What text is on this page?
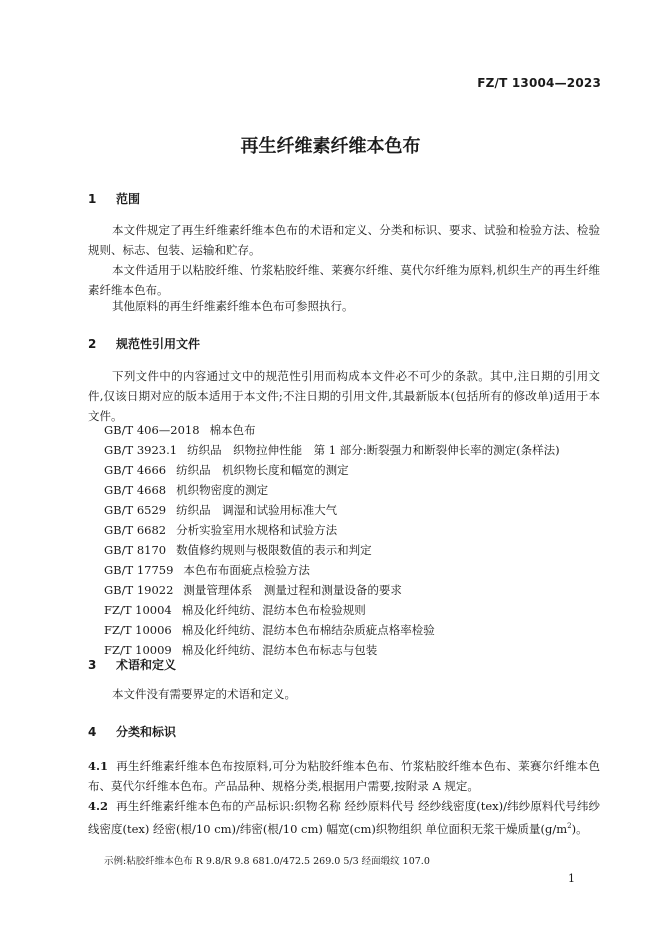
FZ/T 13004—2023
再生纤维素纤维本色布
1 范围
本文件规定了再生纤维素纤维本色布的术语和定义、分类和标识、要求、试验和检验方法、检验规则、标志、包装、运输和贮存。
本文件适用于以粘胶纤维、竹浆粘胶纤维、莱赛尔纤维、莫代尔纤维为原料,机织生产的再生纤维素纤维本色布。
其他原料的再生纤维素纤维本色布可参照执行。
2 规范性引用文件
下列文件中的内容通过文中的规范性引用而构成本文件必不可少的条款。其中,注日期的引用文件,仅该日期对应的版本适用于本文件;不注日期的引用文件,其最新版本(包括所有的修改单)适用于本文件。
GB/T 406—2018 棉本色布
GB/T 3923.1 纺织品　织物拉伸性能　第 1 部分:断裂强力和断裂伸长率的测定(条样法)
GB/T 4666 纺织品　机织物长度和幅宽的测定
GB/T 4668 机织物密度的测定
GB/T 6529 纺织品　调湿和试验用标准大气
GB/T 6682 分析实验室用水规格和试验方法
GB/T 8170 数值修约规则与极限数值的表示和判定
GB/T 17759 本色布布面疵点检验方法
GB/T 19022 测量管理体系　测量过程和测量设备的要求
FZ/T 10004 棉及化纤纯纺、混纺本色布检验规则
FZ/T 10006 棉及化纤纯纺、混纺本色布棉结杂质疵点格率检验
FZ/T 10009 棉及化纤纯纺、混纺本色布标志与包装
3 术语和定义
本文件没有需要界定的术语和定义。
4 分类和标识
4.1 再生纤维素纤维本色布按原料,可分为粘胶纤维本色布、竹浆粘胶纤维本色布、莱赛尔纤维本色布、莫代尔纤维本色布。产品品种、规格分类,根据用户需要,按附录 A 规定。
4.2 再生纤维素纤维本色布的产品标识:织物名称 经纱原料代号 经纱线密度(tex)/纬纱原料代号纬纱线密度(tex) 经密(根/10 cm)/纬密(根/10 cm) 幅宽(cm)织物组织 单位面积无浆干燥质量$(g/m^2)$。
示例:粘胶纤维本色布 R 9.8/R 9.8 681.0/472.5 269.0 5/3 经面缎纹 107.0
1
